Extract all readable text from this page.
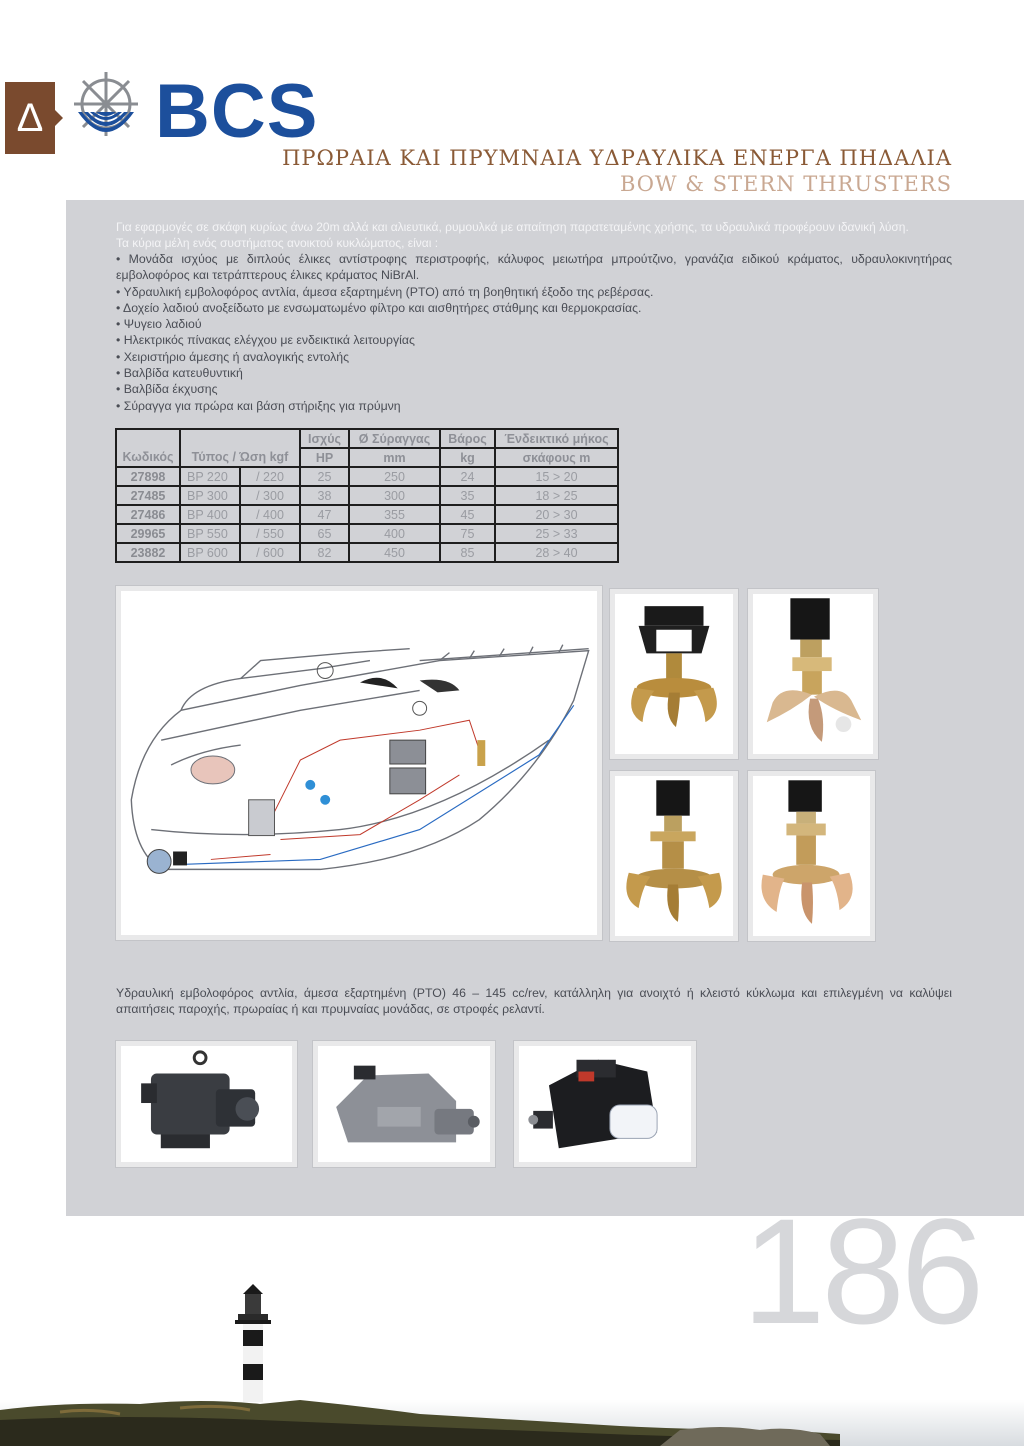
Δ BCS
ΠΡΩΡΑΙΑ ΚΑΙ ΠΡΥΜΝΑΙΑ ΥΔΡΑΥΛΙΚΑ ΕΝΕΡΓΑ ΠΗΔΑΛΙΑ
BOW & STERN THRUSTERS
Για εφαρμογές σε σκάφη κυρίως άνω 20m αλλά και αλιευτικά, ρυμουλκά με απαίτηση παρατεταμένης χρήσης, τα υδραυλικά προφέρουν ιδανική λύση.
Τα κύρια μέλη ενός συστήματος ανοικτού κυκλώματος, είναι :
• Μονάδα ισχύος με διπλούς έλικες αντίστροφης περιστροφής, κάλυφος μειωτήρα μπρούτζινο, γρανάζια ειδικού κράματος, υδραυλοκινητήρας εμβολοφόρος και τετράπτερους έλικες κράματος NiBrAl.
• Υδραυλική εμβολοφόρος αντλία, άμεσα εξαρτημένη (PTO) από τη βοηθητική έξοδο της ρεβέρσας.
• Δοχείο λαδιού ανοξείδωτο με ενσωματωμένο φίλτρο και αισθητήρες στάθμης και θερμοκρασίας.
• Ψυγειο λαδιού
• Ηλεκτρικός πίνακας ελέγχου με ενδεικτικά λειτουργίας
• Χειριστήριο άμεσης ή αναλογικής εντολής
• Βαλβίδα κατευθυντική
• Βαλβίδα έκχυσης
• Σύραγγα για πρώρα και βάση στήριξης για πρύμνη
			Ισχύς	Ø Σύραγγας	Βάρος	Ένδεικτικό μήκος
Κωδικός	Τύπος / Ώση kgf		HP	mm	kg	σκάφους m
27898	BP 220	/ 220	25	250	24	15 > 20
27485	BP 300	/ 300	38	300	35	18 > 25
27486	BP 400	/ 400	47	355	45	20 > 30
29965	BP 550	/ 550	65	400	75	25 > 33
23882	BP 600	/ 600	82	450	85	28 > 40
Υδραυλική εμβολοφόρος αντλία, άμεσα εξαρτημένη (PTO) 46 – 145 cc/rev, κατάλληλη για ανοιχτό ή κλειστό κύκλωμα και επιλεγμένη να καλύψει απαιτήσεις παροχής, πρωραίας ή και πρυμναίας μονάδας, σε στροφές ρελαντί.
186
